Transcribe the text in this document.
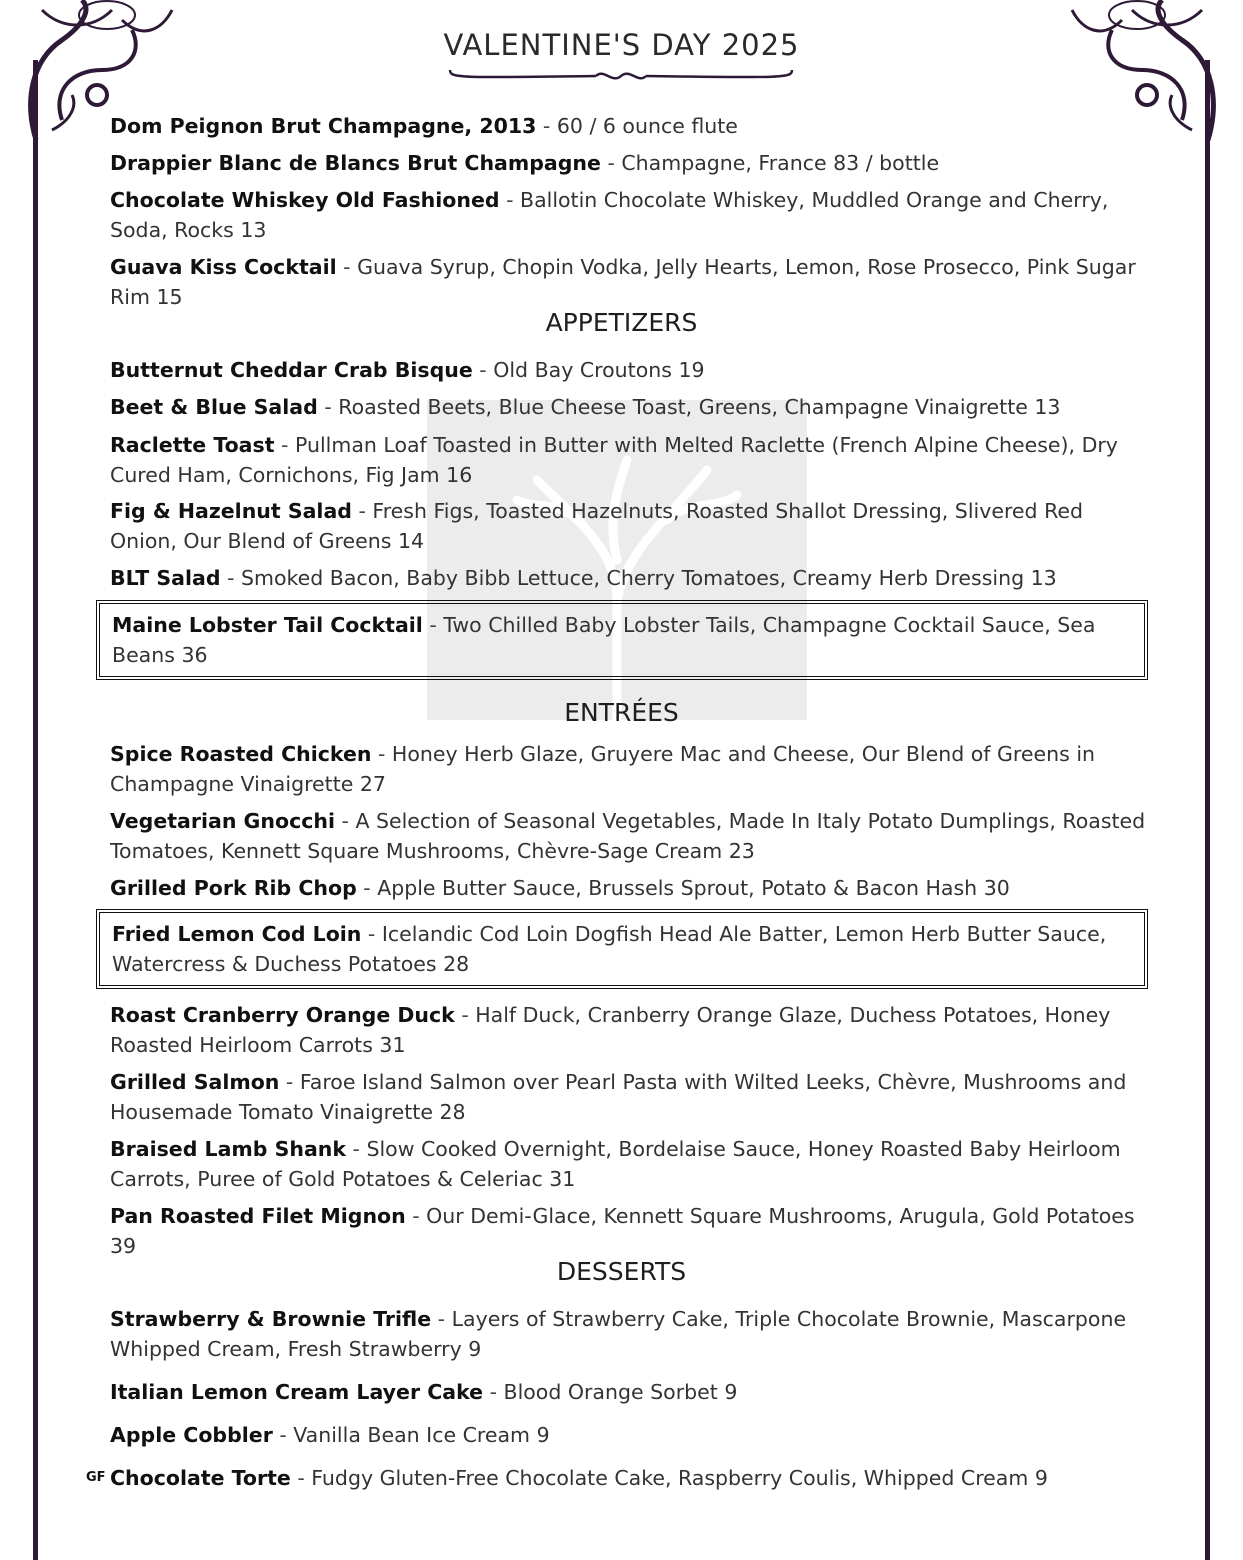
VALENTINE'S DAY 2025

Dom Peignon Brut Champagne, 2013 - 60 / 6 ounce flute

Drappier Blanc de Blancs Brut Champagne - Champagne, France 83 / bottle

Chocolate Whiskey Old Fashioned - Ballotin Chocolate Whiskey, Muddled Orange and Cherry, Soda, Rocks 13

Guava Kiss Cocktail - Guava Syrup, Chopin Vodka, Jelly Hearts, Lemon, Rose Prosecco, Pink Sugar Rim 15

APPETIZERS

Butternut Cheddar Crab Bisque - Old Bay Croutons 19

Beet & Blue Salad - Roasted Beets, Blue Cheese Toast, Greens, Champagne Vinaigrette 13

Raclette Toast - Pullman Loaf Toasted in Butter with Melted Raclette (French Alpine Cheese), Dry Cured Ham, Cornichons, Fig Jam 16

Fig & Hazelnut Salad - Fresh Figs, Toasted Hazelnuts, Roasted Shallot Dressing, Slivered Red Onion, Our Blend of Greens 14

BLT Salad - Smoked Bacon, Baby Bibb Lettuce, Cherry Tomatoes, Creamy Herb Dressing 13

Maine Lobster Tail Cocktail - Two Chilled Baby Lobster Tails, Champagne Cocktail Sauce, Sea Beans 36

ENTRÉES

Spice Roasted Chicken - Honey Herb Glaze, Gruyere Mac and Cheese, Our Blend of Greens in Champagne Vinaigrette 27

Vegetarian Gnocchi - A Selection of Seasonal Vegetables, Made In Italy Potato Dumplings, Roasted Tomatoes, Kennett Square Mushrooms, Chèvre-Sage Cream 23

Grilled Pork Rib Chop - Apple Butter Sauce, Brussels Sprout, Potato & Bacon Hash 30

Fried Lemon Cod Loin - Icelandic Cod Loin Dogfish Head Ale Batter, Lemon Herb Butter Sauce, Watercress & Duchess Potatoes 28

Roast Cranberry Orange Duck - Half Duck, Cranberry Orange Glaze, Duchess Potatoes, Honey Roasted Heirloom Carrots 31

Grilled Salmon - Faroe Island Salmon over Pearl Pasta with Wilted Leeks, Chèvre, Mushrooms and Housemade Tomato Vinaigrette 28

Braised Lamb Shank - Slow Cooked Overnight, Bordelaise Sauce, Honey Roasted Baby Heirloom Carrots, Puree of Gold Potatoes & Celeriac 31

Pan Roasted Filet Mignon - Our Demi-Glace, Kennett Square Mushrooms, Arugula, Gold Potatoes 39

DESSERTS

Strawberry & Brownie Trifle - Layers of Strawberry Cake, Triple Chocolate Brownie, Mascarpone Whipped Cream, Fresh Strawberry 9

Italian Lemon Cream Layer Cake - Blood Orange Sorbet 9

Apple Cobbler - Vanilla Bean Ice Cream 9

GF Chocolate Torte - Fudgy Gluten-Free Chocolate Cake, Raspberry Coulis, Whipped Cream 9
